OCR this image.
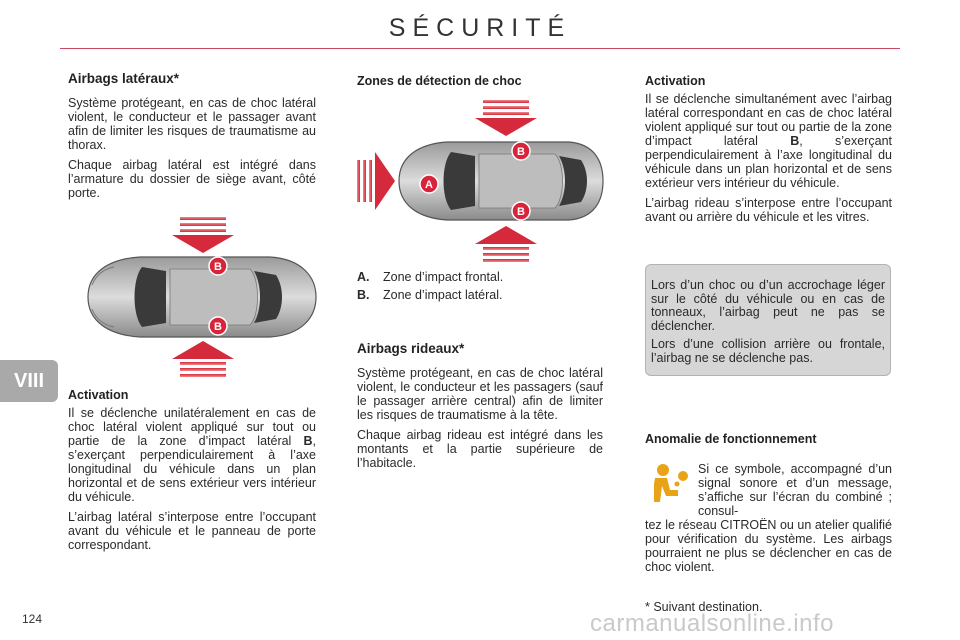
SÉCURITÉ
Airbags latéraux*

Système protégeant, en cas de choc latéral violent, le conducteur et le passager avant afin de limiter les risques de traumatisme au thorax.

Chaque airbag latéral est intégré dans l’armature du dossier de siège avant, côté porte.

B
B
Activation

Il se déclenche unilatéralement en cas de choc latéral violent appliqué sur tout ou partie de la zone d’impact latéral B, s’exerçant perpendiculairement à l’axe longitudinal du véhicule dans un plan horizontal et de sens extérieur vers intérieur du véhicule.

L’airbag latéral s’interpose entre l’occupant avant du véhicule et le panneau de porte correspondant.

Zones de détection de choc
A
B
B
A.	Zone d’impact frontal.
B.	Zone d’impact latéral.
Airbags rideaux*

Système protégeant, en cas de choc latéral violent, le conducteur et les passagers (sauf le passager arrière central) afin de limiter les risques de traumatisme à la tête.

Chaque airbag rideau est intégré dans les montants et la partie supérieure de l’habitacle.

Activation

Il se déclenche simultanément avec l’airbag latéral correspondant en cas de choc latéral violent appliqué sur tout ou partie de la zone d’impact latéral B, s’exerçant perpendiculairement à l’axe longitudinal du véhicule dans un plan horizontal et de sens extérieur vers intérieur du véhicule.

L’airbag rideau s’interpose entre l’occupant avant ou arrière du véhicule et les vitres.

Lors d’un choc ou d’un accrochage léger sur le côté du véhicule ou en cas de tonneaux, l’airbag peut ne pas se déclencher.

Lors d’une collision arrière ou frontale, l’airbag ne se déclenche pas.

Anomalie de fonctionnement

Si ce symbole, accompagné d’un signal sonore et d’un message, s’affiche sur l’écran du combiné ; consul-

tez le réseau CITROËN ou un atelier qualifié pour vérification du système. Les airbags pourraient ne plus se déclencher en cas de choc violent.

* Suivant destination.
VIII
124	carmanualsonline.info
